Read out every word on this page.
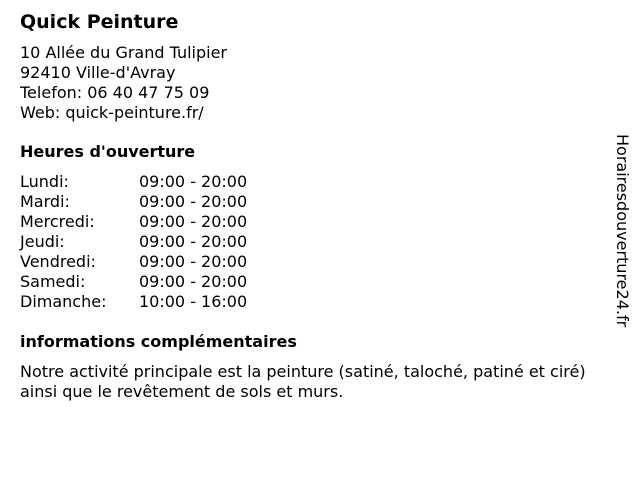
Quick Peinture
10 Allée du Grand Tulipier
92410 Ville-d'Avray
Telefon: 06 40 47 75 09
Web: quick-peinture.fr/
Heures d'ouverture
Lundi:	09:00 - 20:00
Mardi:	09:00 - 20:00
Mercredi:	09:00 - 20:00
Jeudi:	09:00 - 20:00
Vendredi:	09:00 - 20:00
Samedi:	09:00 - 20:00
Dimanche:	10:00 - 16:00
informations complémentaires
Notre activité principale est la peinture (satiné, taloché, patiné et ciré) ainsi que le revêtement de sols et murs.
Horairesdouverture24.fr
